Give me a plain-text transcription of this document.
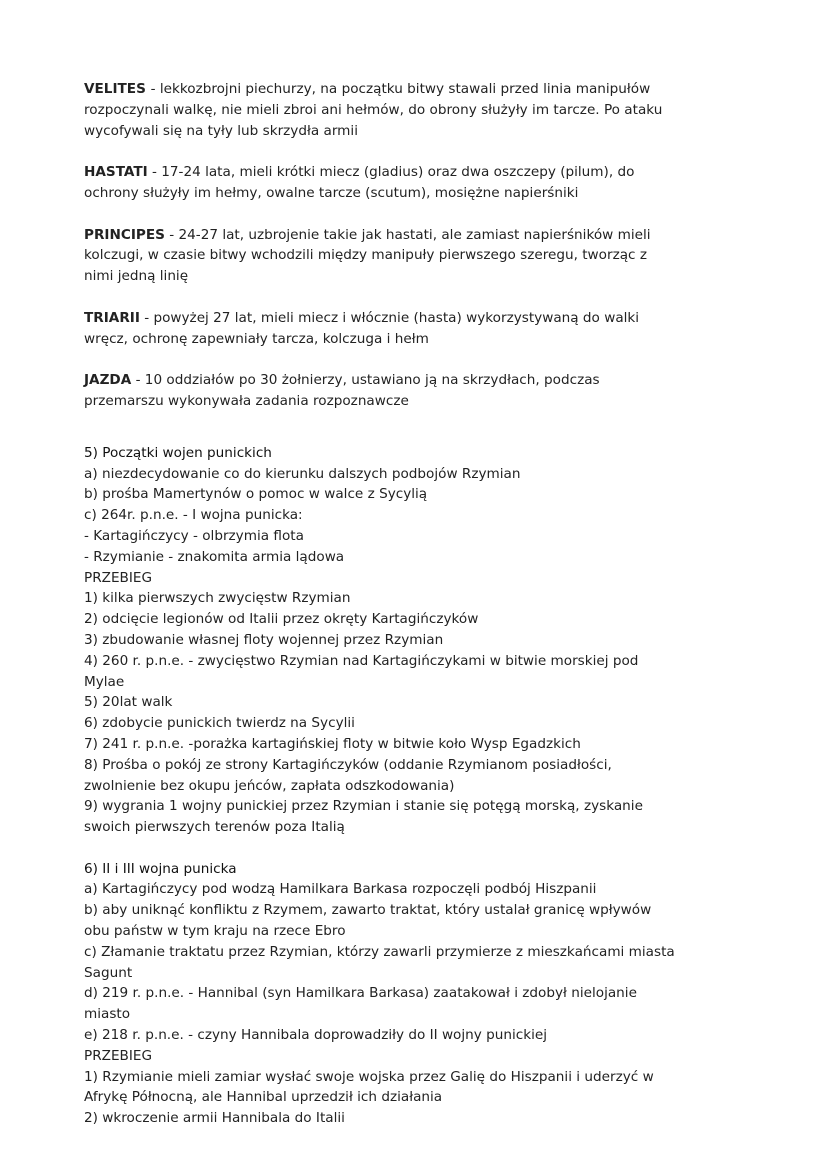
VELITES - lekkozbrojni piechurzy, na początku bitwy stawali przed linia manipułów
rozpoczynali walkę, nie mieli zbroi ani hełmów, do obrony służyły im tarcze. Po ataku
wycofywali się na tyły lub skrzydła armii
HASTATI - 17-24 lata, mieli krótki miecz (gladius) oraz dwa oszczepy (pilum), do
ochrony służyły im hełmy, owalne tarcze (scutum), mosiężne napierśniki
PRINCIPES - 24-27 lat, uzbrojenie takie jak hastati, ale zamiast napierśników mieli
kolczugi, w czasie bitwy wchodzili między manipuły pierwszego szeregu, tworząc z
nimi jedną linię
TRIARII - powyżej 27 lat, mieli miecz i włócznie (hasta) wykorzystywaną do walki
wręcz, ochronę zapewniały tarcza, kolczuga i hełm
JAZDA - 10 oddziałów po 30 żołnierzy, ustawiano ją na skrzydłach, podczas
przemarszu wykonywała zadania rozpoznawcze
5) Początki wojen punickich
a) niezdecydowanie co do kierunku dalszych podbojów Rzymian
b) prośba Mamertynów o pomoc w walce z Sycylią
c) 264r. p.n.e. - I wojna punicka:
- Kartagińczycy - olbrzymia flota
- Rzymianie - znakomita armia lądowa
PRZEBIEG
1) kilka pierwszych zwycięstw Rzymian
2) odcięcie legionów od Italii przez okręty Kartagińczyków
3) zbudowanie własnej floty wojennej przez Rzymian
4) 260 r. p.n.e. - zwycięstwo Rzymian nad Kartagińczykami w bitwie morskiej pod
Mylae
5) 20lat walk
6) zdobycie punickich twierdz na Sycylii
7) 241 r. p.n.e. -porażka kartagińskiej floty w bitwie koło Wysp Egadzkich
8) Prośba o pokój ze strony Kartagińczyków (oddanie Rzymianom posiadłości,
zwolnienie bez okupu jeńców, zapłata odszkodowania)
9) wygrania 1 wojny punickiej przez Rzymian i stanie się potęgą morską, zyskanie
swoich pierwszych terenów poza Italią
6) II i III wojna punicka
a) Kartagińczycy pod wodzą Hamilkara Barkasa rozpoczęli podbój Hiszpanii
b) aby uniknąć konfliktu z Rzymem, zawarto traktat, który ustalał granicę wpływów
obu państw w tym kraju na rzece Ebro
c) Złamanie traktatu przez Rzymian, którzy zawarli przymierze z mieszkańcami miasta
Sagunt
d) 219 r. p.n.e. - Hannibal (syn Hamilkara Barkasa) zaatakował i zdobył nielojanie
miasto
e) 218 r. p.n.e. - czyny Hannibala doprowadziły do II wojny punickiej
PRZEBIEG
1) Rzymianie mieli zamiar wysłać swoje wojska przez Galię do Hiszpanii i uderzyć w
Afrykę Północną, ale Hannibal uprzedził ich działania
2) wkroczenie armii Hannibala do Italii
